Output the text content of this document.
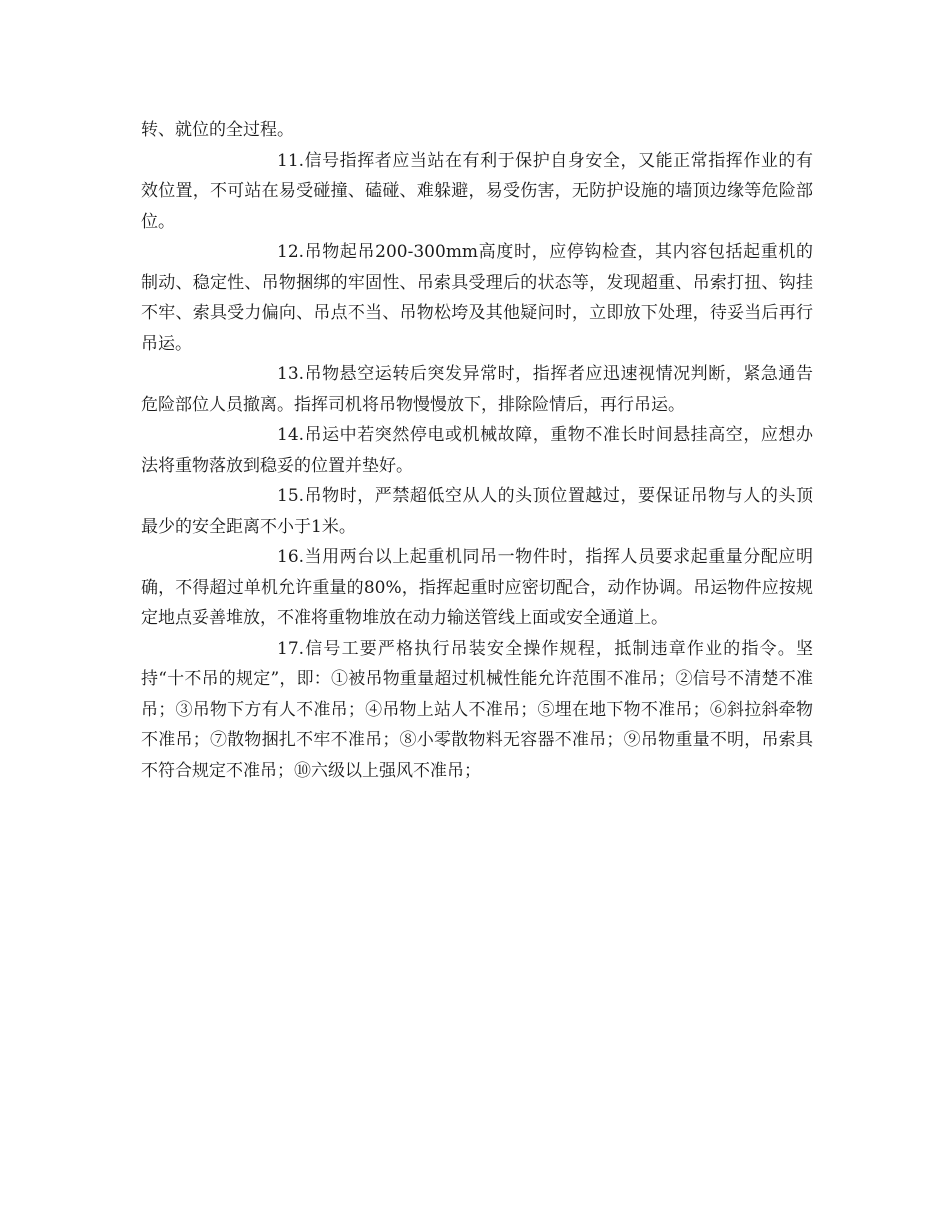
转、就位的全过程。

11.信号指挥者应当站在有利于保护自身安全，又能正常指挥作业的有效位置，不可站在易受碰撞、磕碰、难躲避，易受伤害，无防护设施的墙顶边缘等危险部位。

12.吊物起吊200-300mm高度时，应停钩检查，其内容包括起重机的制动、稳定性、吊物捆绑的牢固性、吊索具受理后的状态等，发现超重、吊索打扭、钩挂不牢、索具受力偏向、吊点不当、吊物松垮及其他疑问时，立即放下处理，待妥当后再行吊运。

13.吊物悬空运转后突发异常时，指挥者应迅速视情况判断，紧急通告危险部位人员撤离。指挥司机将吊物慢慢放下，排除险情后，再行吊运。

14.吊运中若突然停电或机械故障，重物不准长时间悬挂高空，应想办法将重物落放到稳妥的位置并垫好。

15.吊物时，严禁超低空从人的头顶位置越过，要保证吊物与人的头顶最少的安全距离不小于1米。

16.当用两台以上起重机同吊一物件时，指挥人员要求起重量分配应明确，不得超过单机允许重量的80%，指挥起重时应密切配合，动作协调。吊运物件应按规定地点妥善堆放，不准将重物堆放在动力输送管线上面或安全通道上。

17.信号工要严格执行吊装安全操作规程，抵制违章作业的指令。坚持“十不吊的规定”，即：①被吊物重量超过机械性能允许范围不准吊；②信号不清楚不准吊；③吊物下方有人不准吊；④吊物上站人不准吊；⑤埋在地下物不准吊；⑥斜拉斜牵物不准吊；⑦散物捆扎不牢不准吊；⑧小零散物料无容器不准吊；⑨吊物重量不明，吊索具不符合规定不准吊；⑩六级以上强风不准吊；
